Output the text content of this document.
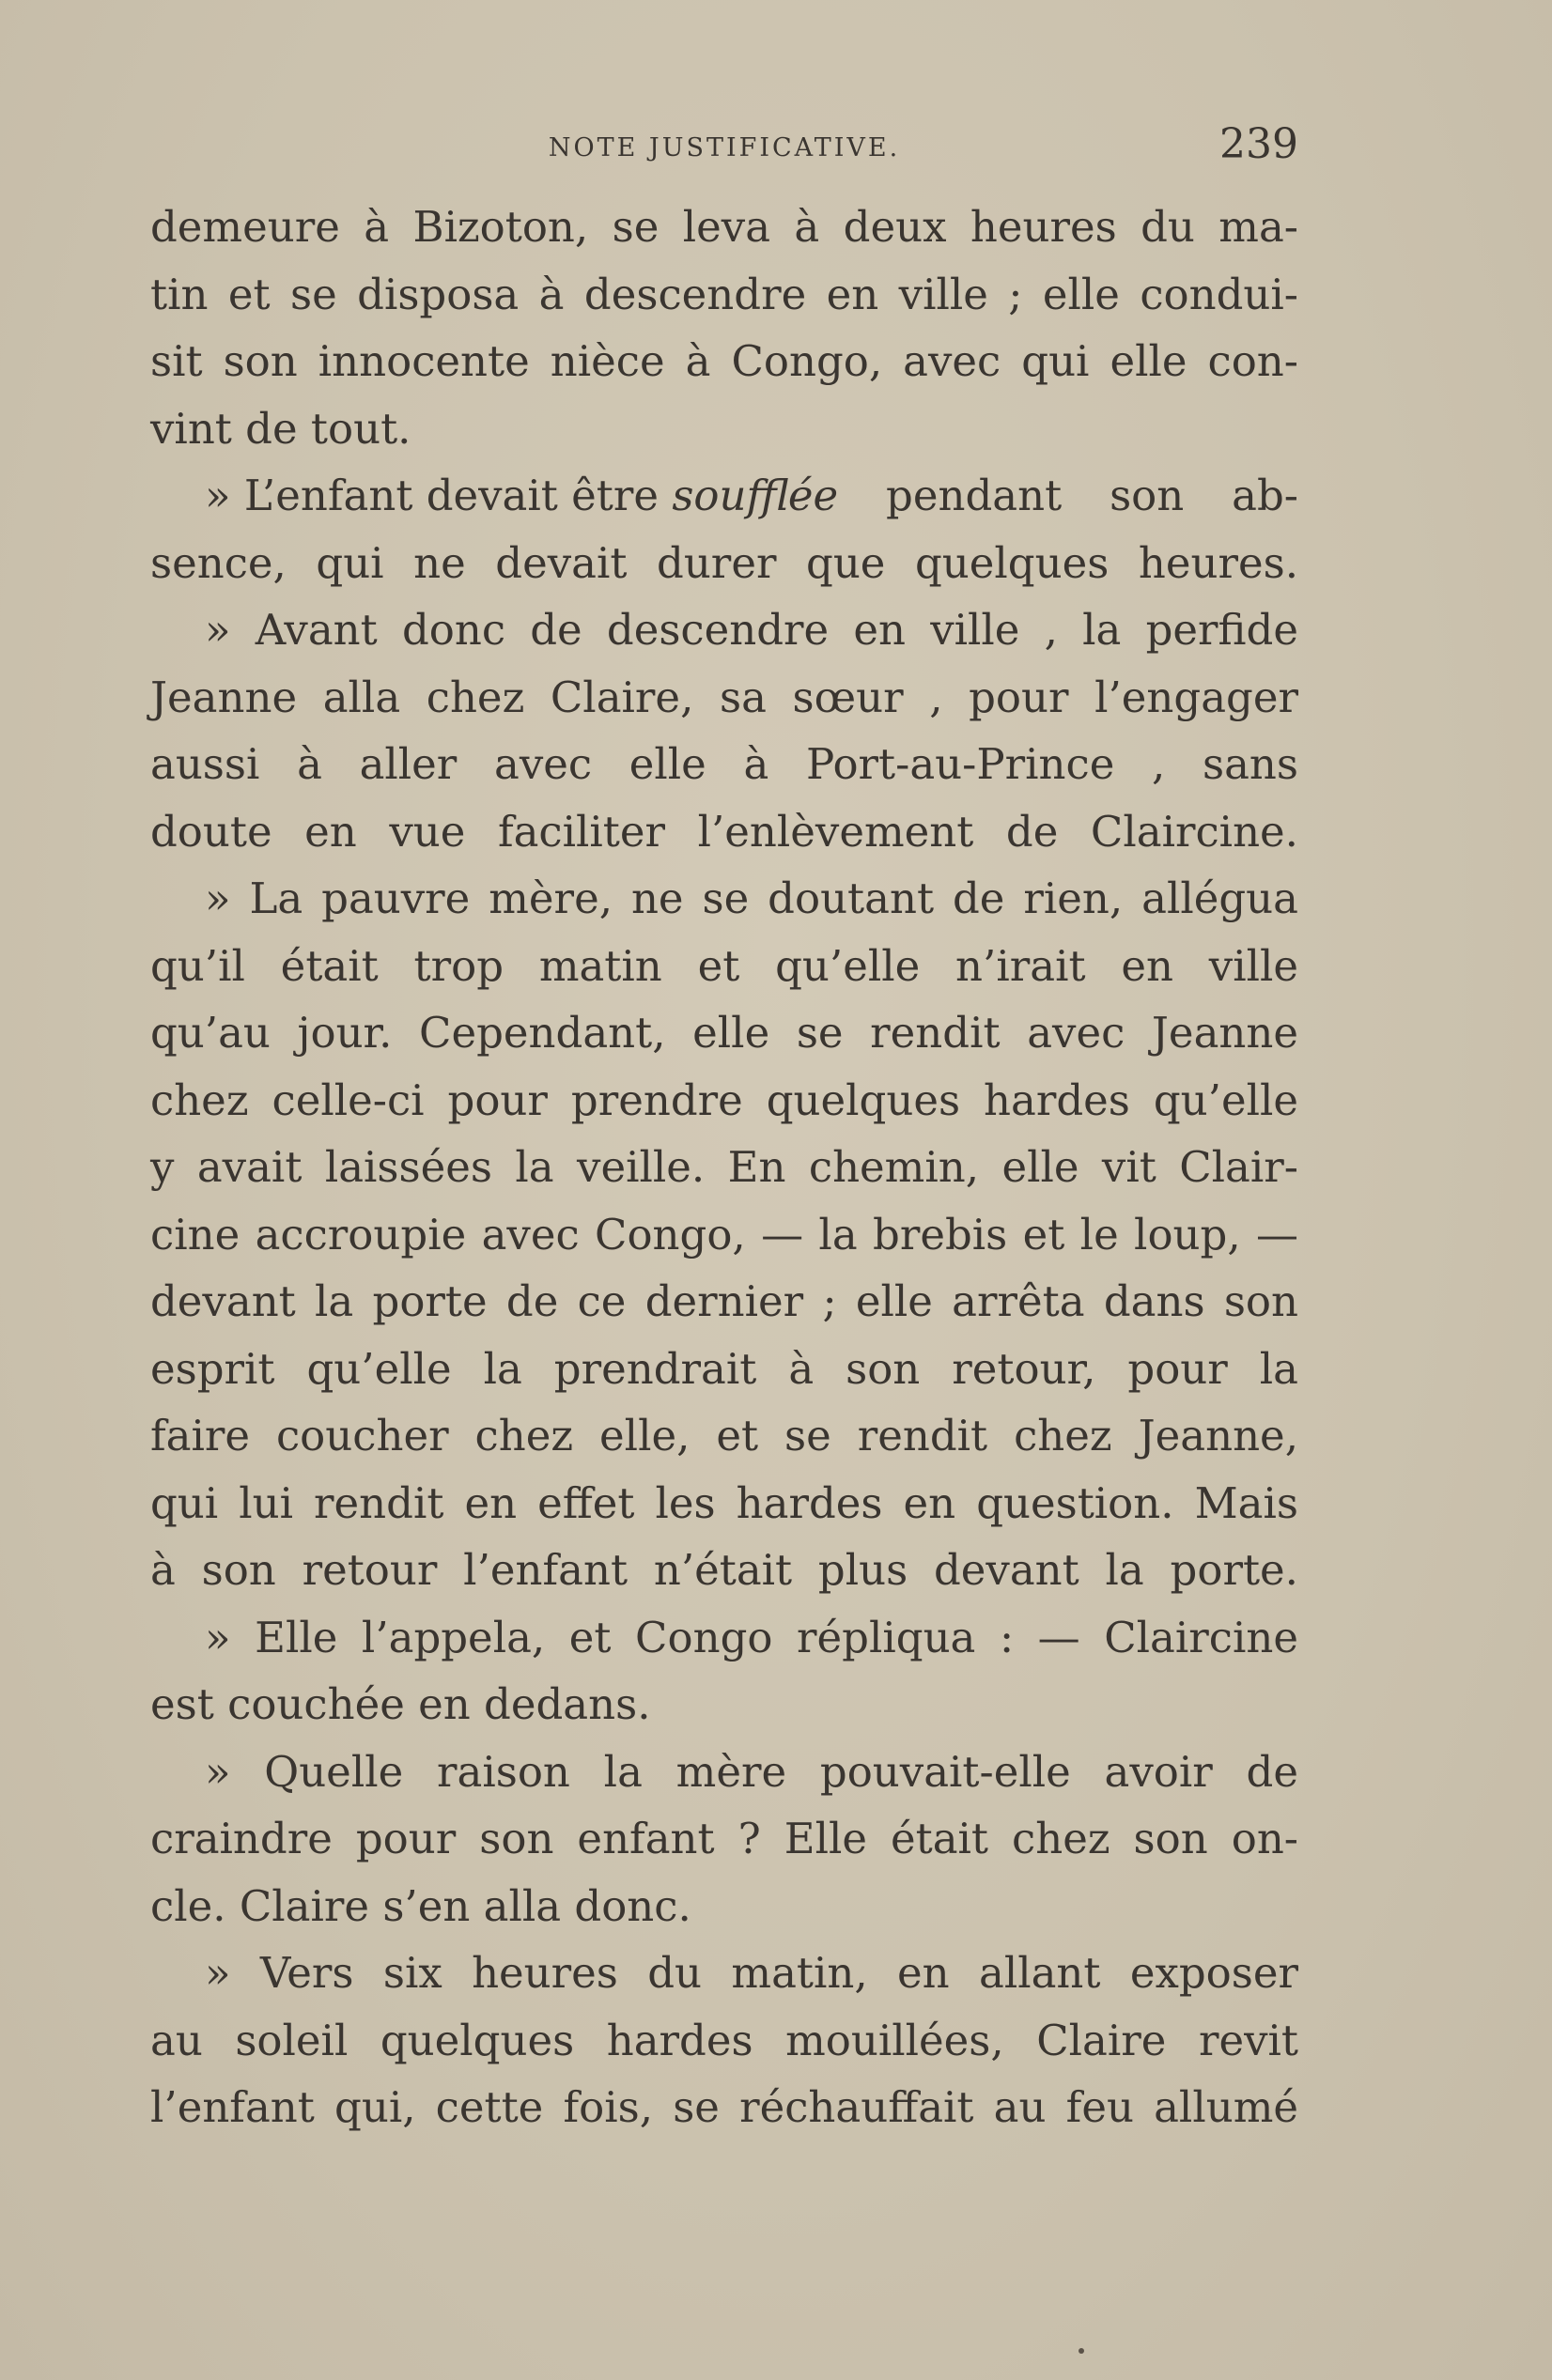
NOTE JUSTIFICATIVE.	239
demeure à Bizoton, se leva à deux heures du ma-
tin et se disposa à descendre en ville ; elle condui-
sit son innocente nièce à Congo, avec qui elle con-
vint de tout.
» L’enfant devait être soufflée pendant son ab-
sence, qui ne devait durer que quelques heures.
» Avant donc de descendre en ville , la perfide
Jeanne alla chez Claire, sa sœur , pour l’engager
aussi à aller avec elle à Port-au-Prince , sans
doute en vue faciliter l’enlèvement de Claircine.
» La pauvre mère, ne se doutant de rien, allégua
qu’il était trop matin et qu’elle n’irait en ville
qu’au jour. Cependant, elle se rendit avec Jeanne
chez celle-ci pour prendre quelques hardes qu’elle
y avait laissées la veille. En chemin, elle vit Clair-
cine accroupie avec Congo, — la brebis et le loup, —
devant la porte de ce dernier ; elle arrêta dans son
esprit qu’elle la prendrait à son retour, pour la
faire coucher chez elle, et se rendit chez Jeanne,
qui lui rendit en effet les hardes en question. Mais
à son retour l’enfant n’était plus devant la porte.
» Elle l’appela, et Congo répliqua : — Claircine
est couchée en dedans.
» Quelle raison la mère pouvait-elle avoir de
craindre pour son enfant ? Elle était chez son on-
cle. Claire s’en alla donc.
» Vers six heures du matin, en allant exposer
au soleil quelques hardes mouillées, Claire revit
l’enfant qui, cette fois, se réchauffait au feu allumé
